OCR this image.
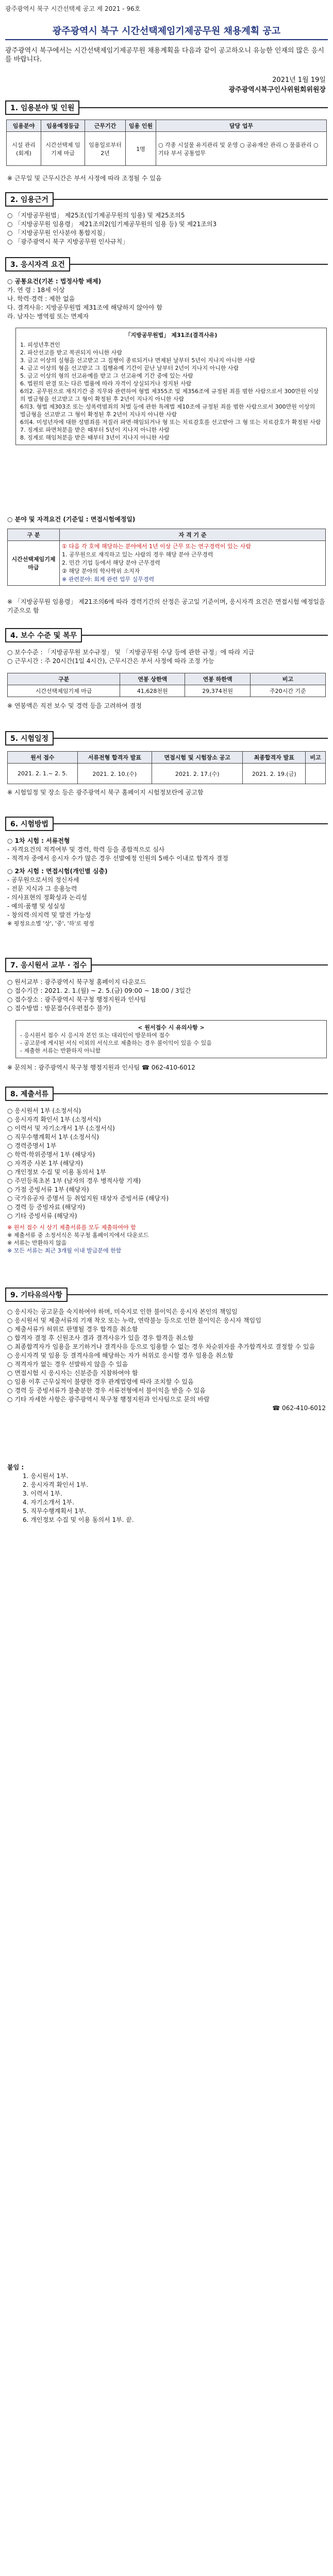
광주광역시 북구 시간선택제 공고 제 2021 - 96호
광주광역시 북구 시간선택제임기제공무원 채용계획 공고
광주광역시 북구에서는 시간선택제임기제공무원 채용계획을 다음과 같이 공고하오니 유능한 인재의 많은 응시를 바랍니다.
2021년 1월 19일
광주광역시북구인사위원회위원장
1. 임용분야 및 인원
임용분야	임용예정등급	근무기간	임용 인원	담당 업무
시설 관리 (회계)	시간선택제 임기제 마급	임용일로부터 2년	1명	○ 각종 시설물 유지관리 및 운영 ○ 공유재산 관리 ○ 물품관리 ○ 기타 부서 공통업무
※ 근무일 및 근무시간은 부서 사정에 따라 조정될 수 있음
2. 임용근거
○ 「지방공무원법」 제25조(임기제공무원의 임용) 및 제25조의5
○ 「지방공무원 임용령」 제21조의2(임기제공무원의 임용 등) 및 제21조의3
○ 「지방공무원 인사분야 통합지침」
○ 「광주광역시 북구 지방공무원 인사규칙」
3. 응시자격 요건
○ 공통요건(기본 : 법정사항 배제)
가. 연 령 : 18세 이상
나. 학력·경력 : 제한 없음
다. 결격사유: 지방공무원법 제31조에 해당하지 않아야 함
라. 남자는 병역필 또는 면제자
「지방공무원법」 제31조(결격사유)
1. 피성년후견인
2. 파산선고를 받고 복권되지 아니한 사람
3. 금고 이상의 실형을 선고받고 그 집행이 종료되거나 면제된 날부터 5년이 지나지 아니한 사람
4. 금고 이상의 형을 선고받고 그 집행유예 기간이 끝난 날부터 2년이 지나지 아니한 사람
5. 금고 이상의 형의 선고유예를 받고 그 선고유예 기간 중에 있는 사람
6. 법원의 판결 또는 다른 법률에 따라 자격이 상실되거나 정지된 사람
6의2. 공무원으로 재직기간 중 직무와 관련하여 형법 제355조 및 제356조에 규정된 죄를 범한 사람으로서 300만원 이상의 벌금형을 선고받고 그 형이 확정된 후 2년이 지나지 아니한 사람
6의3. 형법 제303조 또는 성폭력범죄의 처벌 등에 관한 특례법 제10조에 규정된 죄를 범한 사람으로서 300만원 이상의 벌금형을 선고받고 그 형이 확정된 후 2년이 지나지 아니한 사람
6의4. 미성년자에 대한 성범죄를 저질러 파면·해임되거나 형 또는 치료감호를 선고받아 그 형 또는 치료감호가 확정된 사람
7. 징계로 파면처분을 받은 때부터 5년이 지나지 아니한 사람
8. 징계로 해임처분을 받은 때부터 3년이 지나지 아니한 사람
○ 분야 및 자격요건 (기준일 : 면접시험예정일)
구 분	자 격 기 준
시간선택제임기제 마급	① 다음 각 호에 해당하는 분야에서 1년 이상 근무 또는 연구경력이 있는 사람
1. 공무원으로 재직하고 있는 사람의 경우 해당 분야 근무경력
2. 민간 기업 등에서 해당 분야 근무경력
② 해당 분야의 학사학위 소지자
※ 관련분야: 회계 관련 업무 실무경력
※ 「지방공무원 임용령」 제21조의6에 따라 경력기간의 산정은 공고일 기준이며, 응시자격 요건은 면접시험 예정일을 기준으로 함
4. 보수 수준 및 복무
○ 보수수준 : 「지방공무원 보수규정」 및 「지방공무원 수당 등에 관한 규정」에 따라 지급
○ 근무시간 : 주 20시간(1일 4시간), 근무시간은 부서 사정에 따라 조정 가능
구분	연봉 상한액	연봉 하한액	비고
시간선택제임기제 마급	41,628천원	29,374천원	주20시간 기준
※ 연봉액은 직전 보수 및 경력 등을 고려하여 결정
5. 시험일정
원서 접수	서류전형 합격자 발표	면접시험 및 시험장소 공고	최종합격자 발표	비고
2021. 2. 1.~ 2. 5.	2021. 2. 10.(수)	2021. 2. 17.(수)	2021. 2. 19.(금)	
※ 시험일정 및 장소 등은 광주광역시 북구 홈페이지 시험정보란에 공고함
6. 시험방법
○ 1차 시험 : 서류전형
- 자격요건의 적격여부 및 경력, 학력 등을 종합적으로 심사
- 적격자 중에서 응시자 수가 많은 경우 선발예정 인원의 5배수 이내로 합격자 결정
○ 2차 시험 : 면접시험(개인별 심층)
- 공무원으로서의 정신자세
- 전문 지식과 그 응용능력
- 의사표현의 정확성과 논리성
- 예의·품행 및 성실성
- 창의력·의지력 및 발전 가능성
※ 평정요소별 '상', '중', '하'로 평정
7. 응시원서 교부 · 접수
○ 원서교부 : 광주광역시 북구청 홈페이지 다운로드
○ 접수기간 : 2021. 2. 1.(월) ~ 2. 5.(금) 09:00 ~ 18:00 / 3일간
○ 접수장소 : 광주광역시 북구청 행정지원과 인사팀
○ 접수방법 : 방문접수(우편접수 불가)
< 원서접수 시 유의사항 >
- 응시원서 접수 시 응시자 본인 또는 대리인이 방문하여 접수
- 공고문에 게시된 서식 이외의 서식으로 제출하는 경우 불이익이 있을 수 있음
- 제출한 서류는 반환하지 아니함
※ 문의처 : 광주광역시 북구청 행정지원과 인사팀 ☎ 062-410-6012
8. 제출서류
○ 응시원서 1부 (소정서식)
○ 응시자격 확인서 1부 (소정서식)
○ 이력서 및 자기소개서 1부 (소정서식)
○ 직무수행계획서 1부 (소정서식)
○ 경력증명서 1부
○ 학력·학위증명서 1부 (해당자)
○ 자격증 사본 1부 (해당자)
○ 개인정보 수집 및 이용 동의서 1부
○ 주민등록초본 1부 (남자의 경우 병적사항 기재)
○ 가점 증빙서류 1부 (해당자)
○ 국가유공자 증명서 등 취업지원 대상자 증빙서류 (해당자)
○ 경력 등 증빙자료 (해당자)
○ 기타 증빙서류 (해당자)
※ 원서 접수 시 상기 제출서류를 모두 제출하여야 함
※ 제출서류 중 소정서식은 북구청 홈페이지에서 다운로드
※ 서류는 반환하지 않음
※ 모든 서류는 최근 3개월 이내 발급분에 한함
9. 기타유의사항
○ 응시자는 공고문을 숙지하여야 하며, 미숙지로 인한 불이익은 응시자 본인의 책임임
○ 응시원서 및 제출서류의 기재 착오 또는 누락, 연락불능 등으로 인한 불이익은 응시자 책임임
○ 제출서류가 허위로 판명될 경우 합격을 취소함
○ 합격자 결정 후 신원조사 결과 결격사유가 있을 경우 합격을 취소함
○ 최종합격자가 임용을 포기하거나 결격사유 등으로 임용할 수 없는 경우 차순위자를 추가합격자로 결정할 수 있음
○ 응시자격 및 임용 등 결격사유에 해당하는 자가 허위로 응시할 경우 임용을 취소함
○ 적격자가 없는 경우 선발하지 않을 수 있음
○ 면접시험 시 응시자는 신분증을 지참하여야 함
○ 임용 이후 근무실적이 불량한 경우 관계법령에 따라 조치할 수 있음
○ 경력 등 증빙서류가 불충분한 경우 서류전형에서 불이익을 받을 수 있음
○ 기타 자세한 사항은 광주광역시 북구청 행정지원과 인사팀으로 문의 바람
☎ 062-410-6012
붙임 :
1. 응시원서 1부.
2. 응시자격 확인서 1부.
3. 이력서 1부.
4. 자기소개서 1부.
5. 직무수행계획서 1부.
6. 개인정보 수집 및 이용 동의서 1부. 끝.
